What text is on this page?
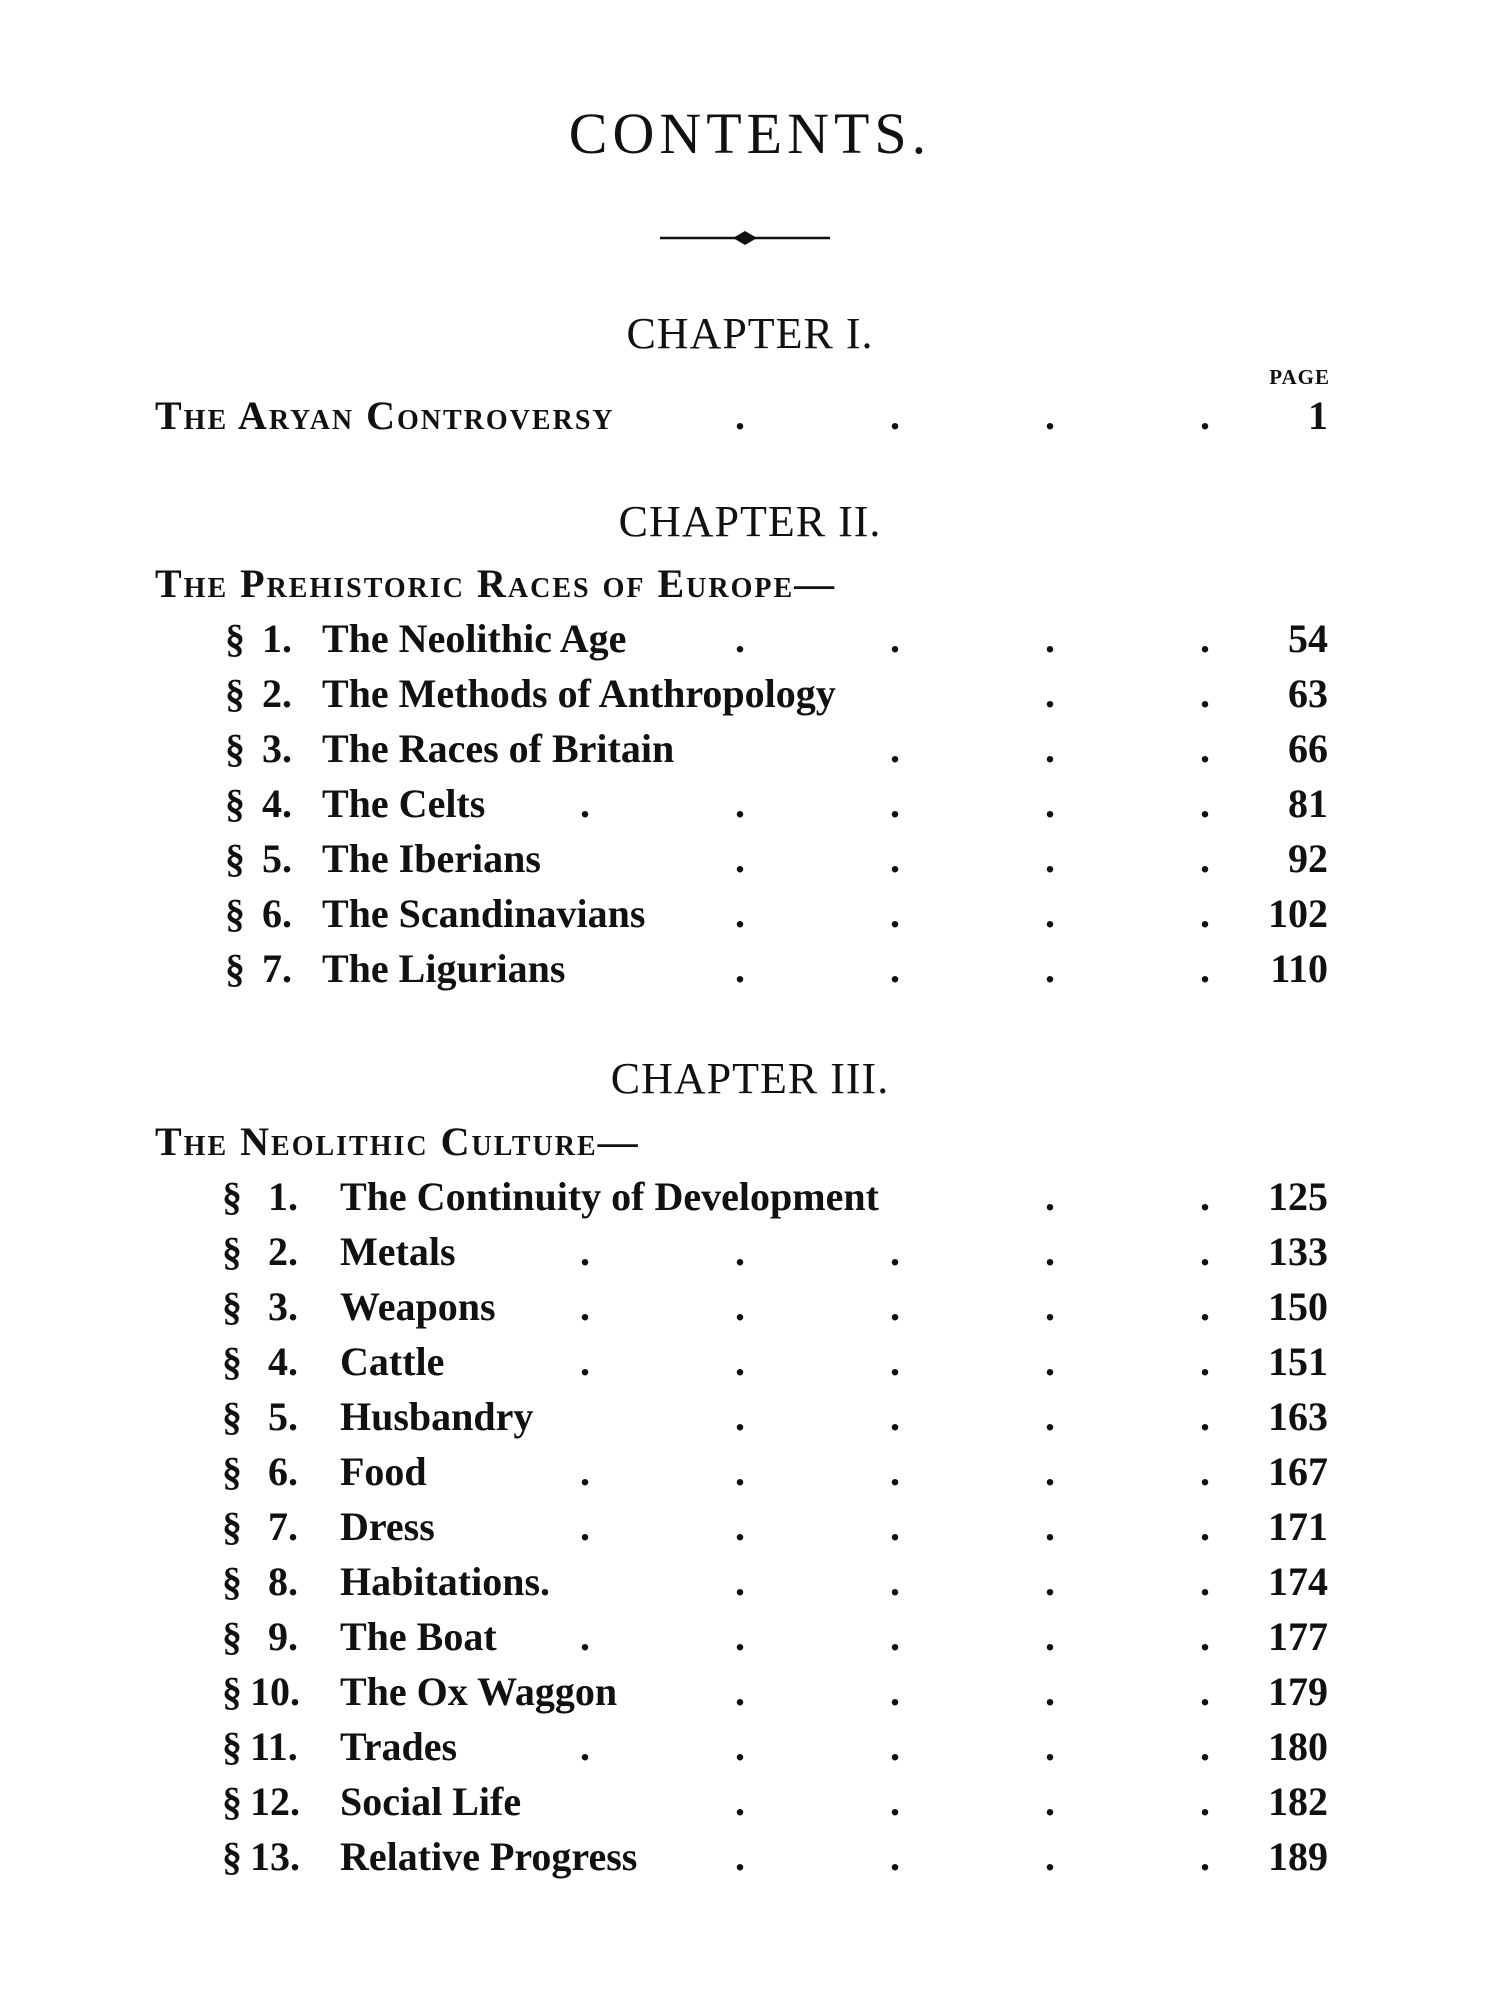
CONTENTS.
CHAPTER I.
PAGE
The Aryan Controversy	.	.	.	. 1
CHAPTER II.
The Prehistoric Races of Europe—
§ 1. The Neolithic Age	.	.	.	. 54
§ 2. The Methods of Anthropology	.	. 63
§ 3. The Races of Britain	.	.	. 66
§ 4. The Celts .	.	.	.	. 81
§ 5. The Iberians	.	.	.	. 92
§ 6. The Scandinavians .	.	.	. 102
§ 7. The Ligurians	.	.	.	. 110
CHAPTER III.
The Neolithic Culture—
§ 1. The Continuity of Development	.	. 125
§ 2. Metals	.	.	.	.	. 133
§ 3. Weapons .	.	.	.	. 150
§ 4. Cattle	.	.	.	.	. 151
§ 5. Husbandry	.	.	.	. 163
§ 6. Food	.	.	.	.	. 167
§ 7. Dress	.	.	.	.	. 171
§ 8. Habitations.	.	.	.	. 174
§ 9. The Boat .	.	.	.	. 177
§ 10. The Ox Waggon	.	.	.	. 179
§ 11. Trades	.	.	.	.	. 180
§ 12. Social Life	.	.	.	. 182
§ 13. Relative Progress .	.	.	. 189
